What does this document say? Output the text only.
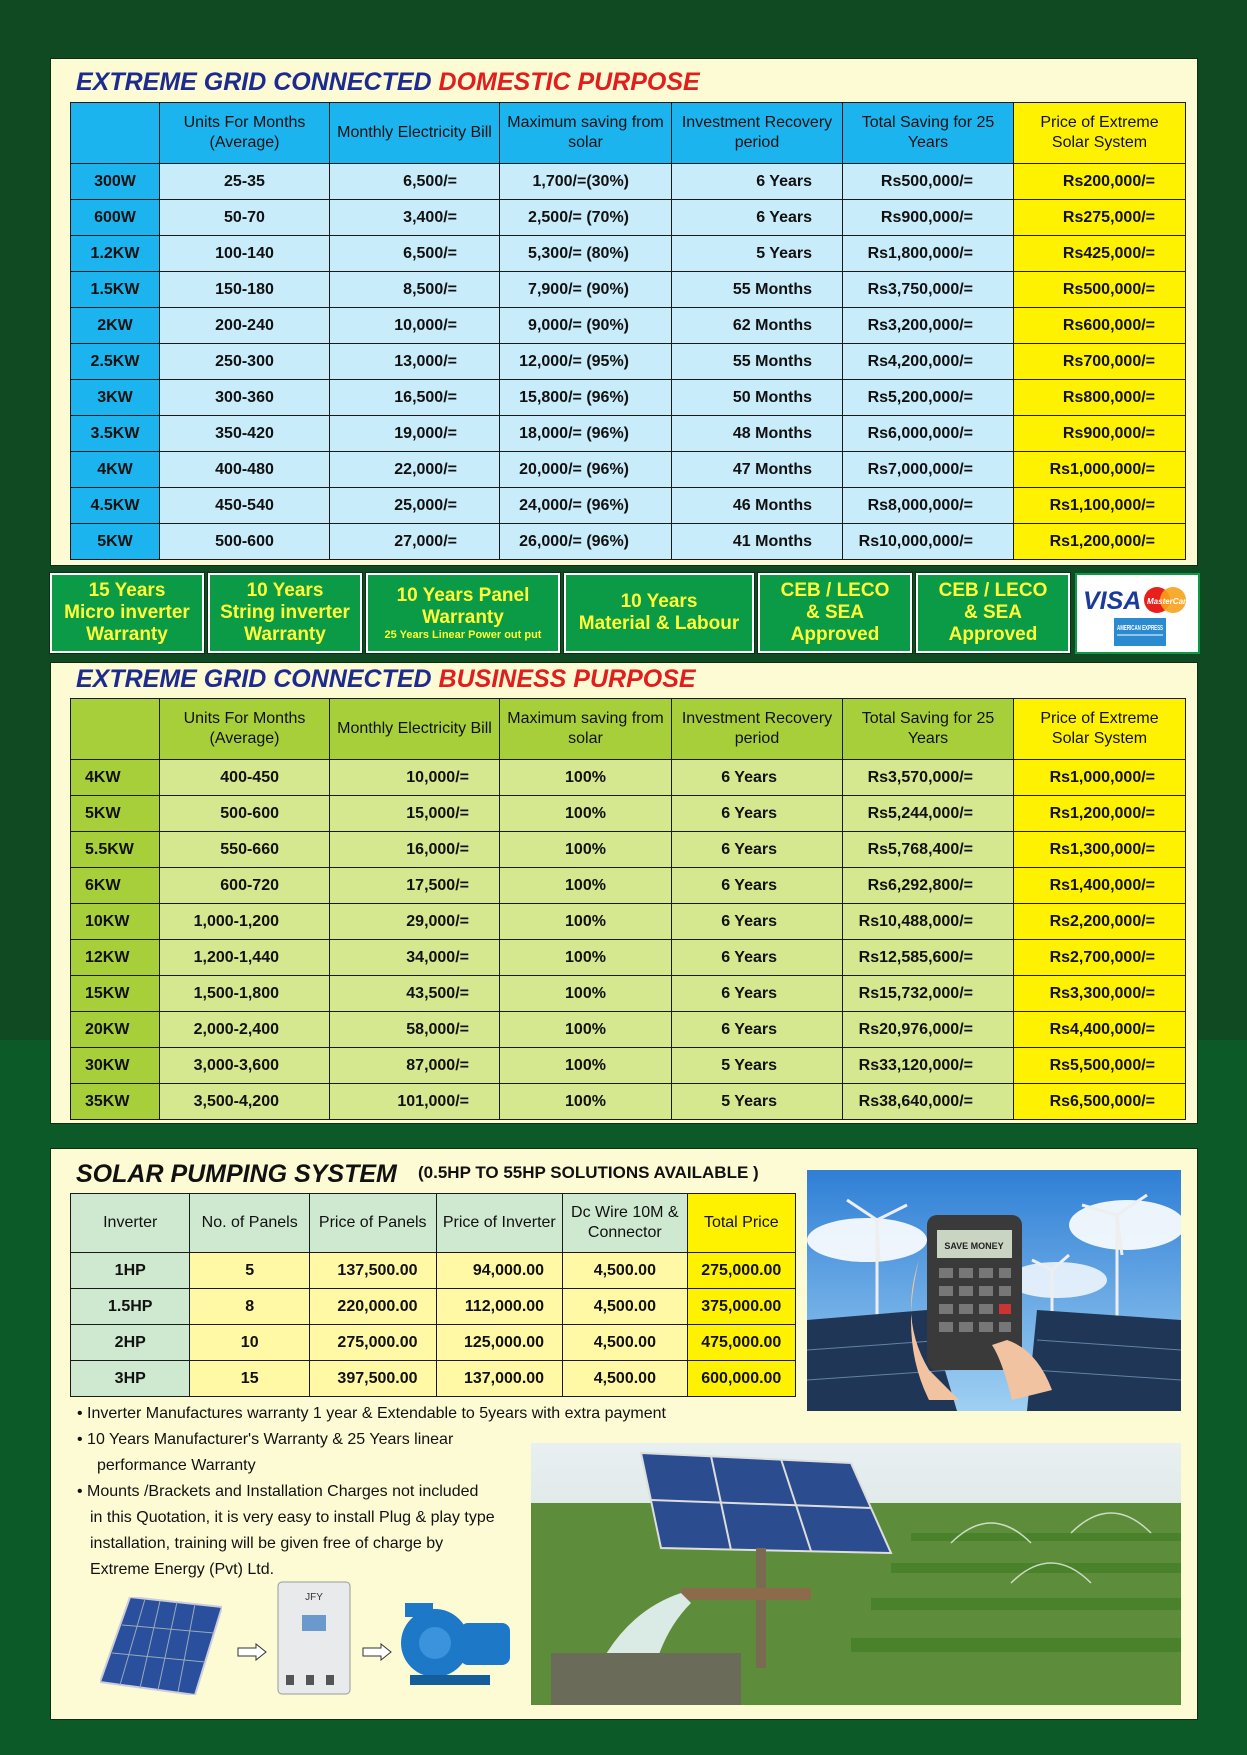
EXTREME GRID CONNECTED DOMESTIC PURPOSE
	Units For Months (Average)	Monthly Electricity Bill	Maximum saving from solar	Investment Recovery period	Total Saving for 25 Years	Price of Extreme Solar System
300W	25-35	6,500/=	1,700/=(30%)	6 Years	Rs500,000/=	Rs200,000/=
600W	50-70	3,400/=	2,500/= (70%)	6 Years	Rs900,000/=	Rs275,000/=
1.2KW	100-140	6,500/=	5,300/= (80%)	5 Years	Rs1,800,000/=	Rs425,000/=
1.5KW	150-180	8,500/=	7,900/= (90%)	55 Months	Rs3,750,000/=	Rs500,000/=
2KW	200-240	10,000/=	9,000/= (90%)	62 Months	Rs3,200,000/=	Rs600,000/=
2.5KW	250-300	13,000/=	12,000/= (95%)	55 Months	Rs4,200,000/=	Rs700,000/=
3KW	300-360	16,500/=	15,800/= (96%)	50 Months	Rs5,200,000/=	Rs800,000/=
3.5KW	350-420	19,000/=	18,000/= (96%)	48 Months	Rs6,000,000/=	Rs900,000/=
4KW	400-480	22,000/=	20,000/= (96%)	47 Months	Rs7,000,000/=	Rs1,000,000/=
4.5KW	450-540	25,000/=	24,000/= (96%)	46 Months	Rs8,000,000/=	Rs1,100,000/=
5KW	500-600	27,000/=	26,000/= (96%)	41 Months	Rs10,000,000/=	Rs1,200,000/=
15 Years
Micro inverter
Warranty
10 Years
String inverter
Warranty
10 Years Panel
Warranty
25 Years Linear Power out put
10 Years
Material & Labour
CEB / LECO
& SEA
Approved
CEB / LECO
& SEA
Approved
VISA MasterCard
AMERICAN EXPRESS
EXTREME GRID CONNECTED BUSINESS PURPOSE
	Units For Months (Average)	Monthly Electricity Bill	Maximum saving from solar	Investment Recovery period	Total Saving for 25 Years	Price of Extreme Solar System
4KW	400-450	10,000/=	100%	6 Years	Rs3,570,000/=	Rs1,000,000/=
5KW	500-600	15,000/=	100%	6 Years	Rs5,244,000/=	Rs1,200,000/=
5.5KW	550-660	16,000/=	100%	6 Years	Rs5,768,400/=	Rs1,300,000/=
6KW	600-720	17,500/=	100%	6 Years	Rs6,292,800/=	Rs1,400,000/=
10KW	1,000-1,200	29,000/=	100%	6 Years	Rs10,488,000/=	Rs2,200,000/=
12KW	1,200-1,440	34,000/=	100%	6 Years	Rs12,585,600/=	Rs2,700,000/=
15KW	1,500-1,800	43,500/=	100%	6 Years	Rs15,732,000/=	Rs3,300,000/=
20KW	2,000-2,400	58,000/=	100%	6 Years	Rs20,976,000/=	Rs4,400,000/=
30KW	3,000-3,600	87,000/=	100%	5 Years	Rs33,120,000/=	Rs5,500,000/=
35KW	3,500-4,200	101,000/=	100%	5 Years	Rs38,640,000/=	Rs6,500,000/=
SOLAR PUMPING SYSTEM (0.5HP TO 55HP SOLUTIONS AVAILABLE )
Inverter	No. of Panels	Price of Panels	Price of Inverter	Dc Wire 10M & Connector	Total Price
1HP	5	137,500.00	94,000.00	4,500.00	275,000.00
1.5HP	8	220,000.00	112,000.00	4,500.00	375,000.00
2HP	10	275,000.00	125,000.00	4,500.00	475,000.00
3HP	15	397,500.00	137,000.00	4,500.00	600,000.00
• Inverter Manufactures warranty 1 year & Extendable to 5years with extra payment
• 10 Years Manufacturer's Warranty & 25 Years linear
performance Warranty
• Mounts /Brackets and Installation Charges not included
in this Quotation, it is very easy to install Plug & play type
installation, training will be given free of charge by
Extreme Energy (Pvt) Ltd.
SAVE MONEY
JFY
